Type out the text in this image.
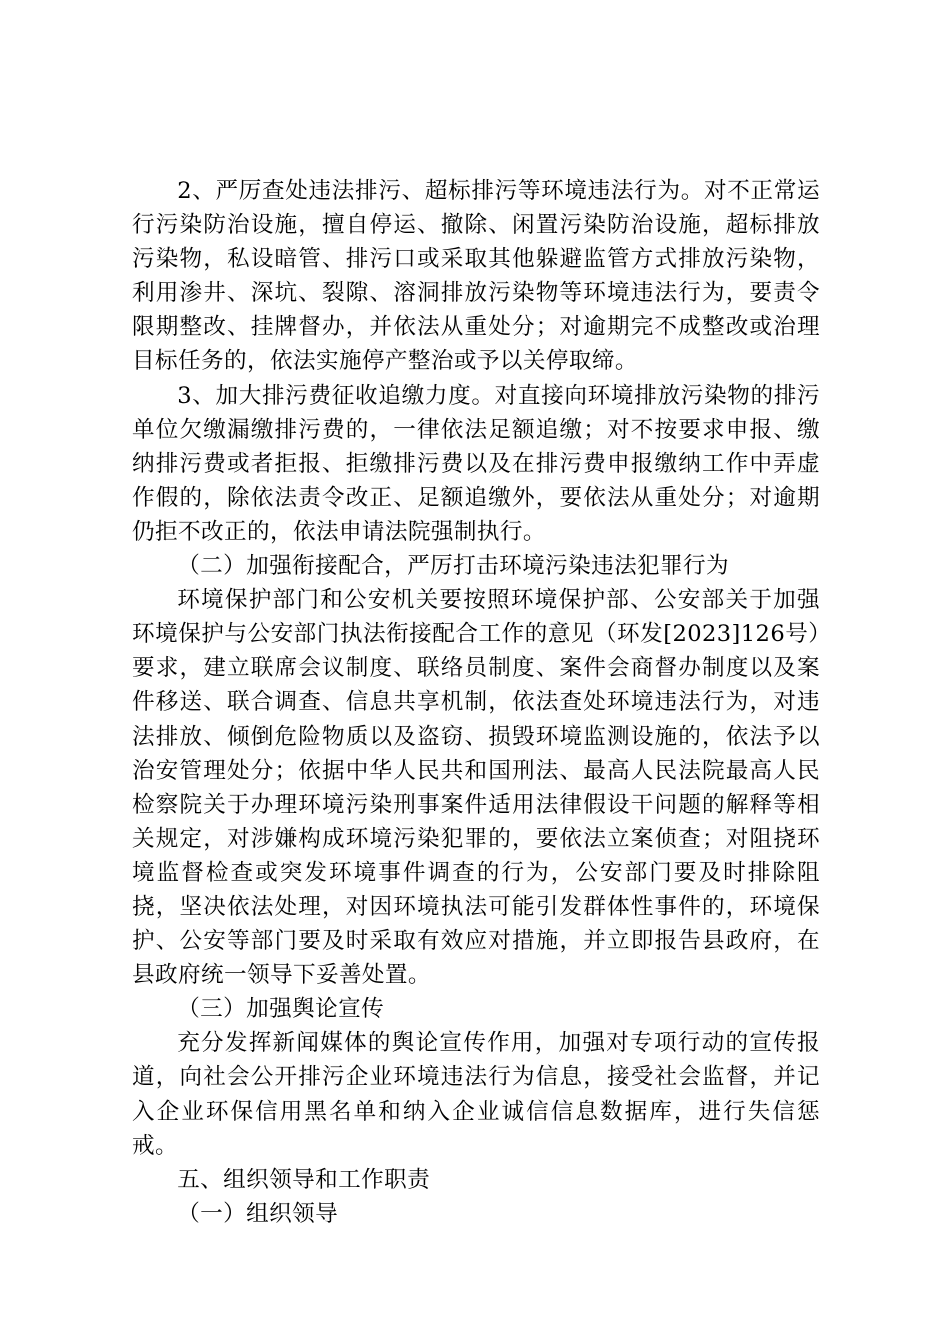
2、严厉查处违法排污、超标排污等环境违法行为。对不正常运行污染防治设施，擅自停运、撤除、闲置污染防治设施，超标排放污染物，私设暗管、排污口或采取其他躲避监管方式排放污染物，利用渗井、深坑、裂隙、溶洞排放污染物等环境违法行为，要责令限期整改、挂牌督办，并依法从重处分；对逾期完不成整改或治理目标任务的，依法实施停产整治或予以关停取缔。

3、加大排污费征收追缴力度。对直接向环境排放污染物的排污单位欠缴漏缴排污费的，一律依法足额追缴；对不按要求申报、缴纳排污费或者拒报、拒缴排污费以及在排污费申报缴纳工作中弄虚作假的，除依法责令改正、足额追缴外，要依法从重处分；对逾期仍拒不改正的，依法申请法院强制执行。

（二）加强衔接配合，严厉打击环境污染违法犯罪行为

环境保护部门和公安机关要按照环境保护部、公安部关于加强环境保护与公安部门执法衔接配合工作的意见（环发[2023]126号）要求，建立联席会议制度、联络员制度、案件会商督办制度以及案件移送、联合调查、信息共享机制，依法查处环境违法行为，对违法排放、倾倒危险物质以及盗窃、损毁环境监测设施的，依法予以治安管理处分；依据中华人民共和国刑法、最高人民法院最高人民检察院关于办理环境污染刑事案件适用法律假设干问题的解释等相关规定，对涉嫌构成环境污染犯罪的，要依法立案侦查；对阻挠环境监督检查或突发环境事件调查的行为，公安部门要及时排除阻挠，坚决依法处理，对因环境执法可能引发群体性事件的，环境保护、公安等部门要及时采取有效应对措施，并立即报告县政府，在县政府统一领导下妥善处置。

（三）加强舆论宣传

充分发挥新闻媒体的舆论宣传作用，加强对专项行动的宣传报道，向社会公开排污企业环境违法行为信息，接受社会监督，并记入企业环保信用黑名单和纳入企业诚信信息数据库，进行失信惩戒。

五、组织领导和工作职责

（一）组织领导
